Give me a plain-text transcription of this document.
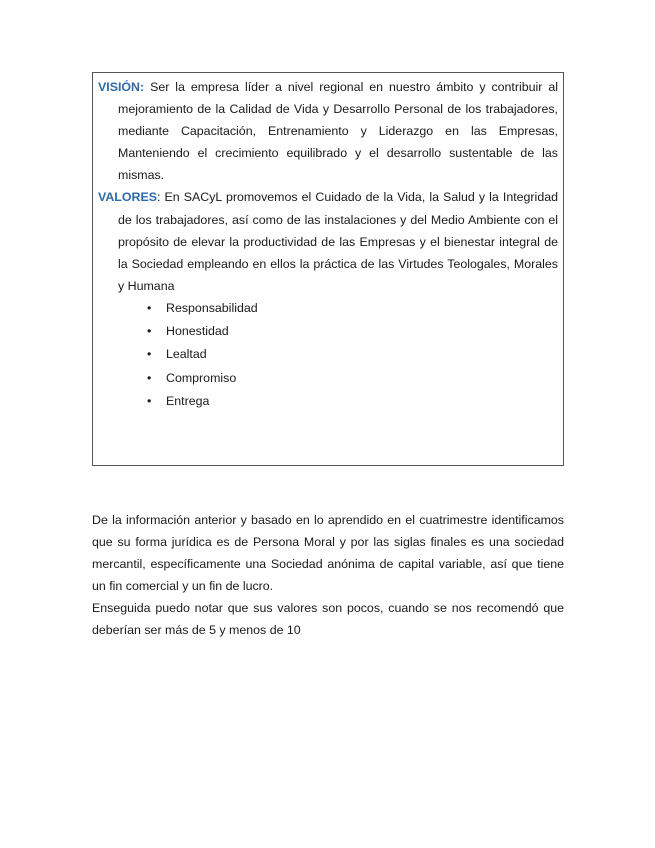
VISIÓN: Ser la empresa líder a nivel regional en nuestro ámbito y contribuir al mejoramiento de la Calidad de Vida y Desarrollo Personal de los trabajadores, mediante Capacitación, Entrenamiento y Liderazgo en las Empresas, Manteniendo el crecimiento equilibrado y el desarrollo sustentable de las mismas.

VALORES: En SACyL promovemos el Cuidado de la Vida, la Salud y la Integridad de los trabajadores, así como de las instalaciones y del Medio Ambiente con el propósito de elevar la productividad de las Empresas y el bienestar integral de la Sociedad empleando en ellos la práctica de las Virtudes Teologales, Morales y Humana

• Responsabilidad
• Honestidad
• Lealtad
• Compromiso
• Entrega

De la información anterior y basado en lo aprendido en el cuatrimestre identificamos que su forma jurídica es de Persona Moral y por las siglas finales es una sociedad mercantil, específicamente una Sociedad anónima de capital variable, así que tiene un fin comercial y un fin de lucro.

Enseguida puedo notar que sus valores son pocos, cuando se nos recomendó que deberían ser más de 5 y menos de 10
